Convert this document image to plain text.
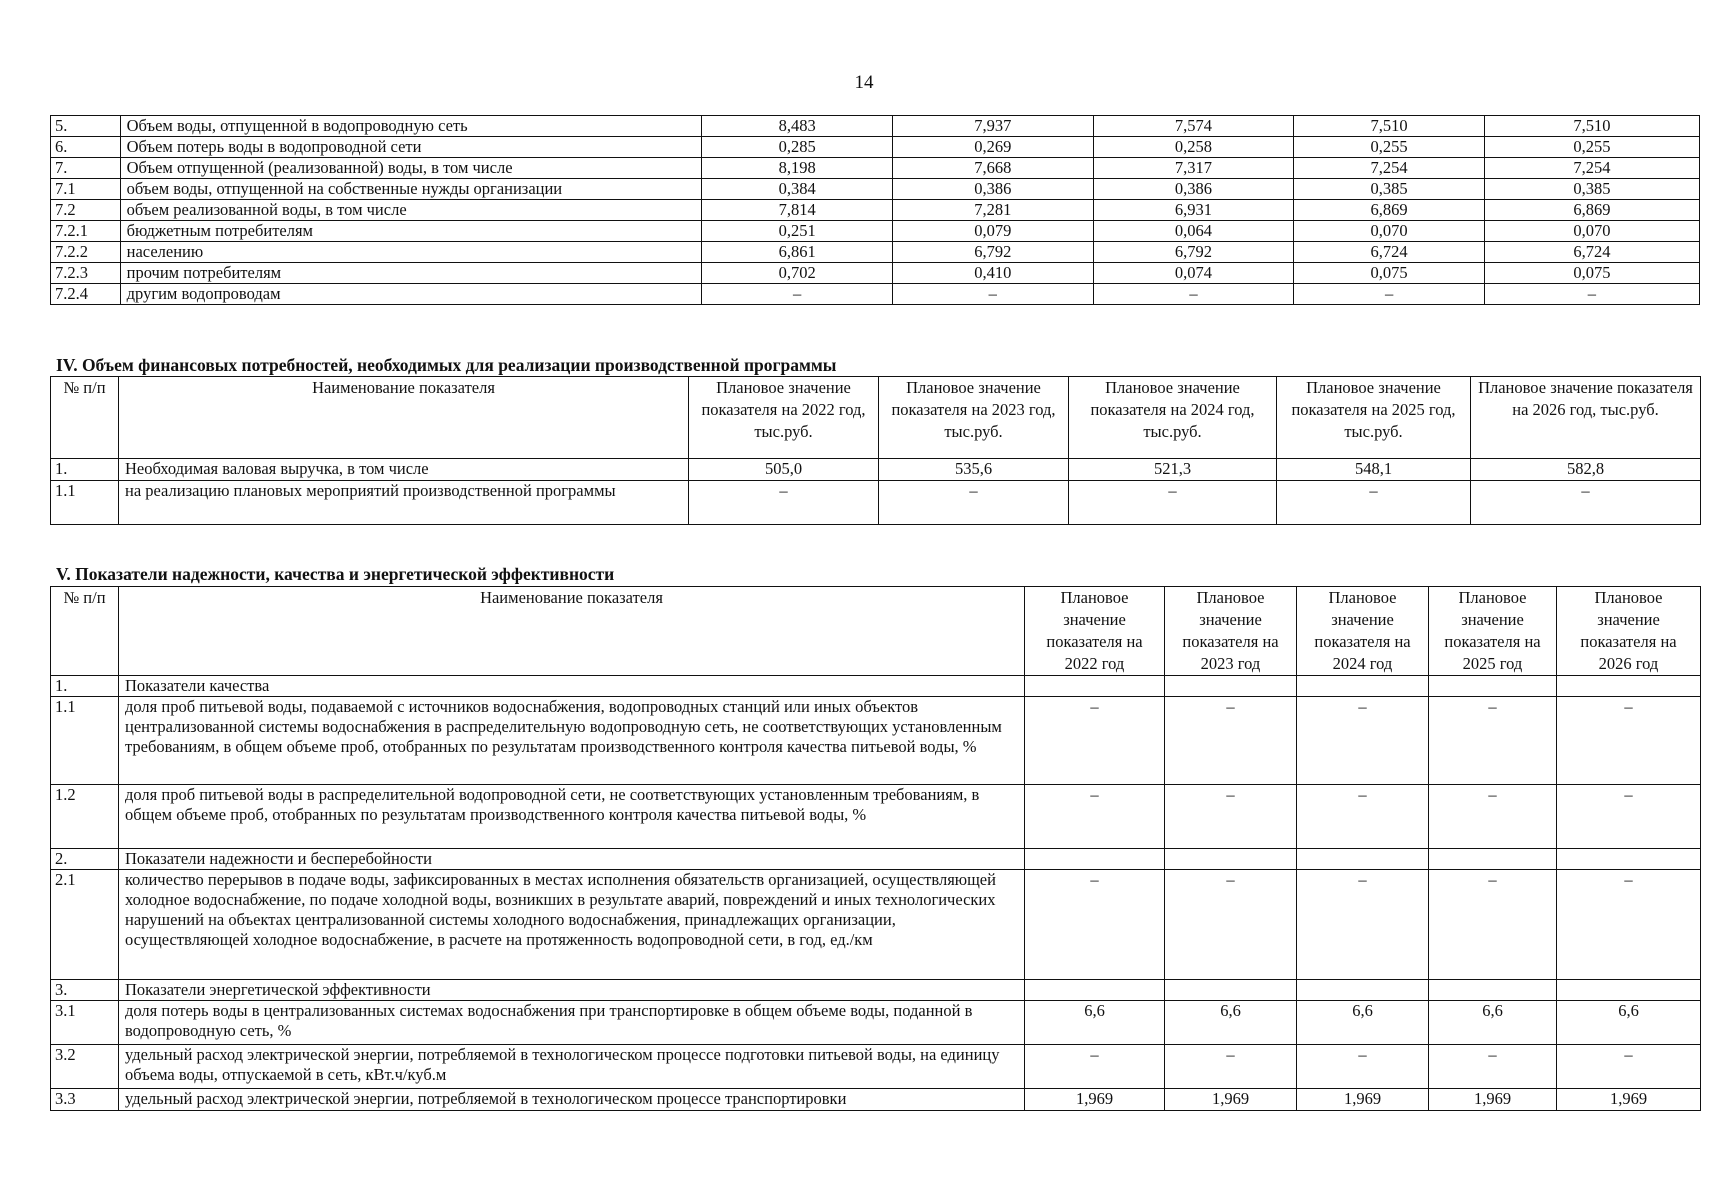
14
5.	Объем воды, отпущенной в водопроводную сеть	8,483	7,937	7,574	7,510	7,510
6.	Объем потерь воды в водопроводной сети	0,285	0,269	0,258	0,255	0,255
7.	Объем отпущенной (реализованной) воды, в том числе	8,198	7,668	7,317	7,254	7,254
7.1	объем воды, отпущенной на собственные нужды организации	0,384	0,386	0,386	0,385	0,385
7.2	объем реализованной воды, в том числе	7,814	7,281	6,931	6,869	6,869
7.2.1	бюджетным потребителям	0,251	0,079	0,064	0,070	0,070
7.2.2	населению	6,861	6,792	6,792	6,724	6,724
7.2.3	прочим потребителям	0,702	0,410	0,074	0,075	0,075
7.2.4	другим водопроводам	–	–	–	–	–
IV. Объем финансовых потребностей, необходимых для реализации производственной программы
№ п/п	Наименование показателя	Плановое значение показателя на 2022 год, тыс.руб.	Плановое значение показателя на 2023 год, тыс.руб.	Плановое значение показателя на 2024 год, тыс.руб.	Плановое значение показателя на 2025 год, тыс.руб.	Плановое значение показателя на 2026 год, тыс.руб.
1.	Необходимая валовая выручка, в том числе	505,0	535,6	521,3	548,1	582,8
1.1	на реализацию плановых мероприятий производственной программы	–	–	–	–	–
V. Показатели надежности, качества и энергетической эффективности
№ п/п	Наименование показателя	Плановое значение показателя на 2022 год	Плановое значение показателя на 2023 год	Плановое значение показателя на 2024 год	Плановое значение показателя на 2025 год	Плановое значение показателя на 2026 год
1.	Показатели качества					
1.1	доля проб питьевой воды, подаваемой с источников водоснабжения, водопроводных станций или иных объектов централизованной системы водоснабжения в распределительную водопроводную сеть, не соответствующих установленным требованиям, в общем объеме проб, отобранных по результатам производственного контроля качества питьевой воды, %	–	–	–	–	–
1.2	доля проб питьевой воды в распределительной водопроводной сети, не соответствующих установленным требованиям, в общем объеме проб, отобранных по результатам производственного контроля качества питьевой воды, %	–	–	–	–	–
2.	Показатели надежности и бесперебойности					
2.1	количество перерывов в подаче воды, зафиксированных в местах исполнения обязательств организацией, осуществляющей холодное водоснабжение, по подаче холодной воды, возникших в результате аварий, повреждений и иных технологических нарушений на объектах централизованной системы холодного водоснабжения, принадлежащих организации, осуществляющей холодное водоснабжение, в расчете на протяженность водопроводной сети, в год, ед./км	–	–	–	–	–
3.	Показатели энергетической эффективности					
3.1	доля потерь воды в централизованных системах водоснабжения при транспортировке в общем объеме воды, поданной в водопроводную сеть, %	6,6	6,6	6,6	6,6	6,6
3.2	удельный расход электрической энергии, потребляемой в технологическом процессе подготовки питьевой воды, на единицу объема воды, отпускаемой в сеть, кВт.ч/куб.м	–	–	–	–	–
3.3	удельный расход электрической энергии, потребляемой в технологическом процессе транспортировки	1,969	1,969	1,969	1,969	1,969
